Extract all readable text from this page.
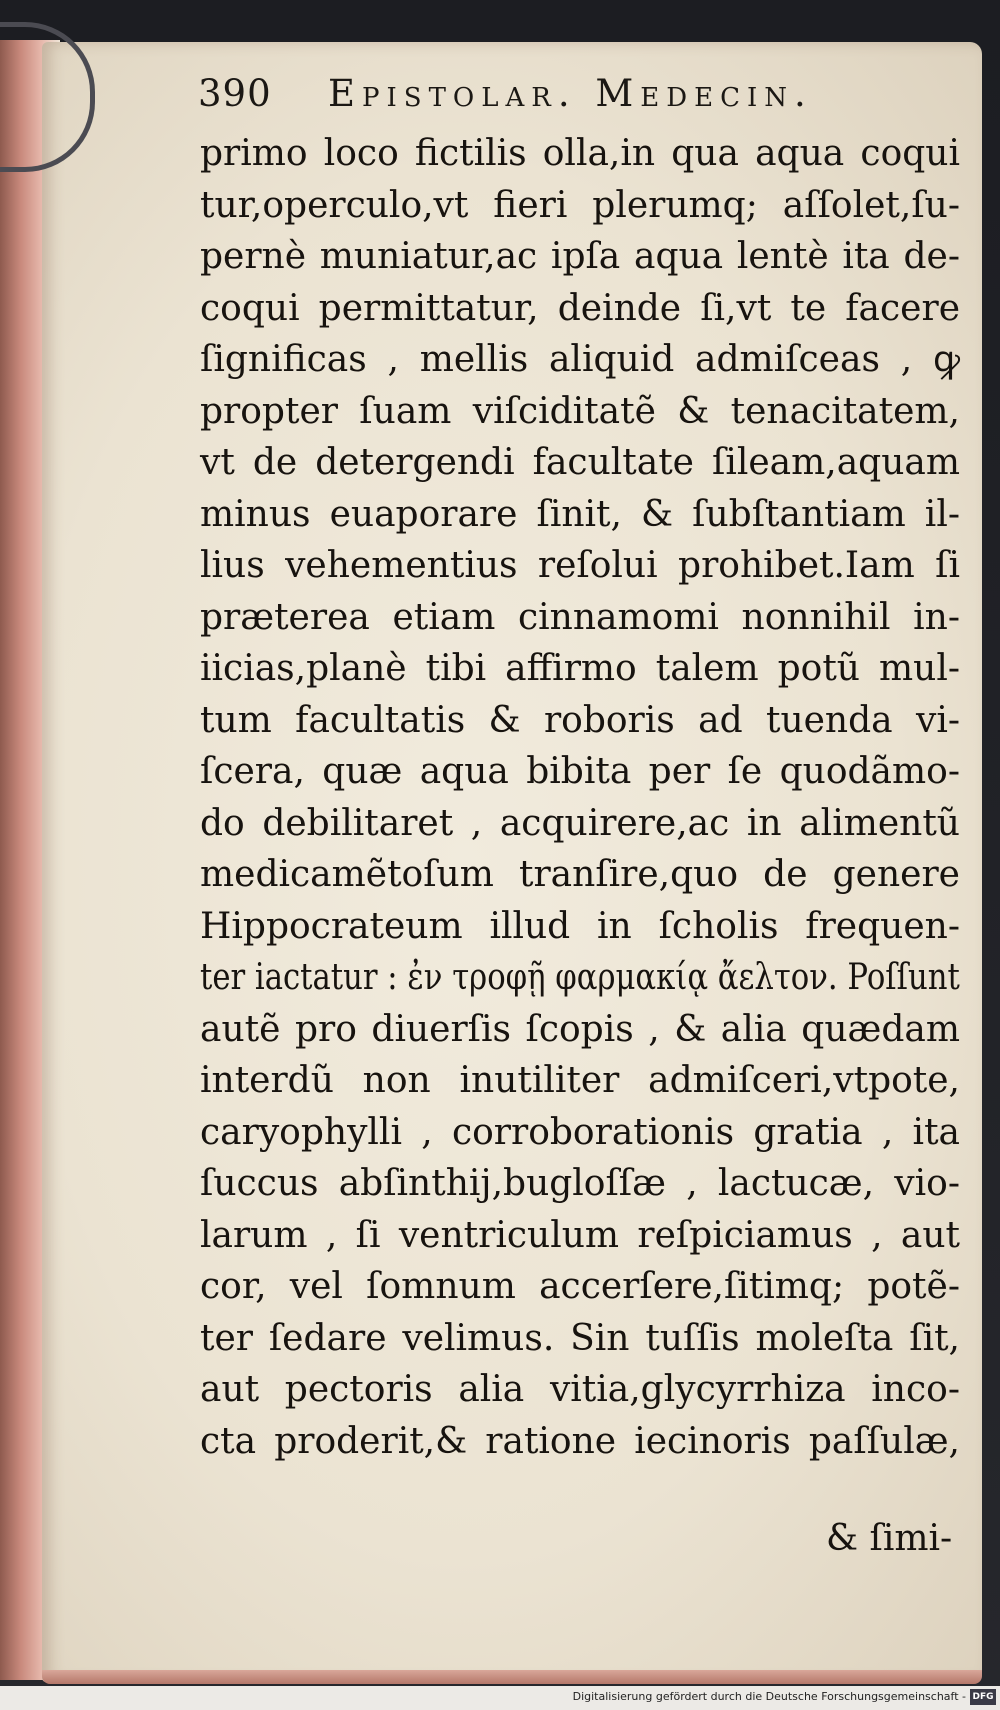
390 Epistolar. Medecin.
primo loco fictilis olla,in qua aqua coqui
tur,operculo,vt fieri plerumq; aſſolet,ſu-
pernè muniatur,ac ipſa aqua lentè ita de-
coqui permittatur, deinde ſi,vt te facere
ſignificas , mellis aliquid admiſceas , ꝙ
propter ſuam viſciditatẽ & tenacitatem,
vt de detergendi facultate ſileam,aquam
minus euaporare ſinit, & ſubſtantiam il-
lius vehementius reſolui prohibet.Iam ſi
præterea etiam cinnamomi nonnihil in-
iicias,planè tibi affirmo talem potũ mul-
tum facultatis & roboris ad tuenda vi-
ſcera, quæ aqua bibita per ſe quodãmo-
do debilitaret , acquirere,ac in alimentũ
medicamẽtoſum tranſire,quo de genere
Hippocrateum illud in ſcholis frequen-
ter iactatur : ἐν τροφῇ φαρμακίᾳ ἄελτον. Poſſunt
autẽ pro diuerſis ſcopis , & alia quædam
interdũ non inutiliter admiſceri,vtpote,
caryophylli , corroborationis gratia , ita
ſuccus abſinthij,bugloſſæ , lactucæ, vio-
larum , ſi ventriculum reſpiciamus , aut
cor, vel ſomnum accerſere,ſitimq; potẽ-
ter ſedare velimus. Sin tuſſis moleſta ſit,
aut pectoris alia vitia,glycyrrhiza inco-
cta proderit,& ratione iecinoris paſſulæ,
& ſimi-
Digitalisierung gefördert durch die Deutsche Forschungsgemeinschaft - DFG
